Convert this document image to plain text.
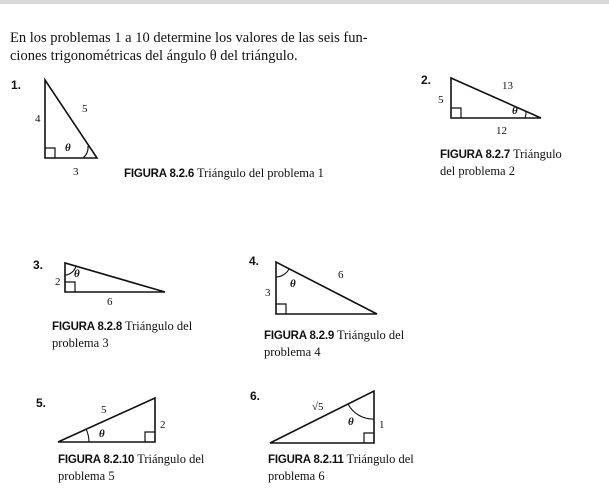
En los problemas 1 a 10 determine los valores de las seis fun-
ciones trigonométricas del ángulo θ del triángulo.
1.
4
5
3
θ
FIGURA 8.2.6 Triángulo del problema 1
2.
5
13
12
θ
FIGURA 8.2.7 Triángulo
del problema 2
3.
2
6
θ
FIGURA 8.2.8 Triángulo del
problema 3
4.
3
6
θ
FIGURA 8.2.9 Triángulo del
problema 4
5.	5
2
θ
FIGURA 8.2.10 Triángulo del
problema 5
6.
√5
1
θ
FIGURA 8.2.11 Triángulo del
problema 6
